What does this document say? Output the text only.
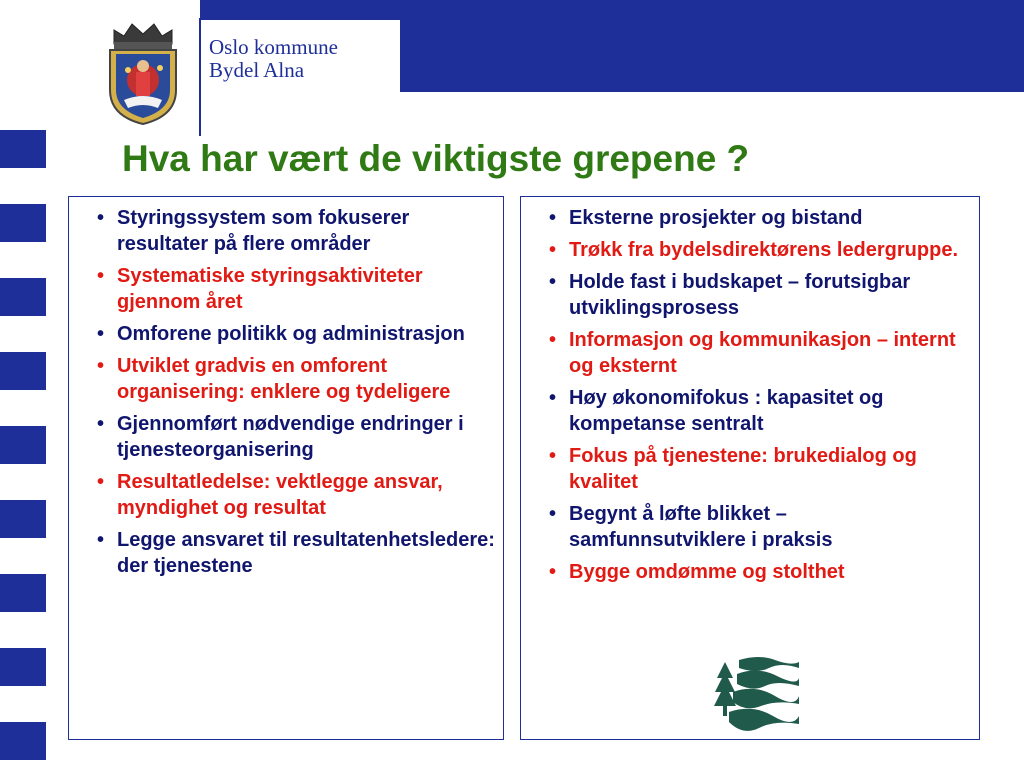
Oslo kommune
Bydel Alna
Hva har vært de viktigste grepene ?
• Styringssystem som fokuserer resultater på flere områder
• Systematiske styringsaktiviteter gjennom året
• Omforene politikk og administrasjon
• Utviklet gradvis en omforent organisering: enklere og tydeligere
• Gjennomført nødvendige endringer i tjenesteorganisering
• Resultatledelse: vektlegge ansvar, myndighet og resultat
• Legge ansvaret til resultatenhetsledere: der tjenestene
• Eksterne prosjekter og bistand
• Trøkk fra bydelsdirektørens ledergruppe.
• Holde fast i budskapet – forutsigbar utviklingsprosess
• Informasjon og kommunikasjon – internt og eksternt
• Høy økonomifokus : kapasitet og kompetanse sentralt
• Fokus på tjenestene: brukedialog og kvalitet
• Begynt å løfte blikket – samfunnsutviklere i praksis
• Bygge omdømme og stolthet
